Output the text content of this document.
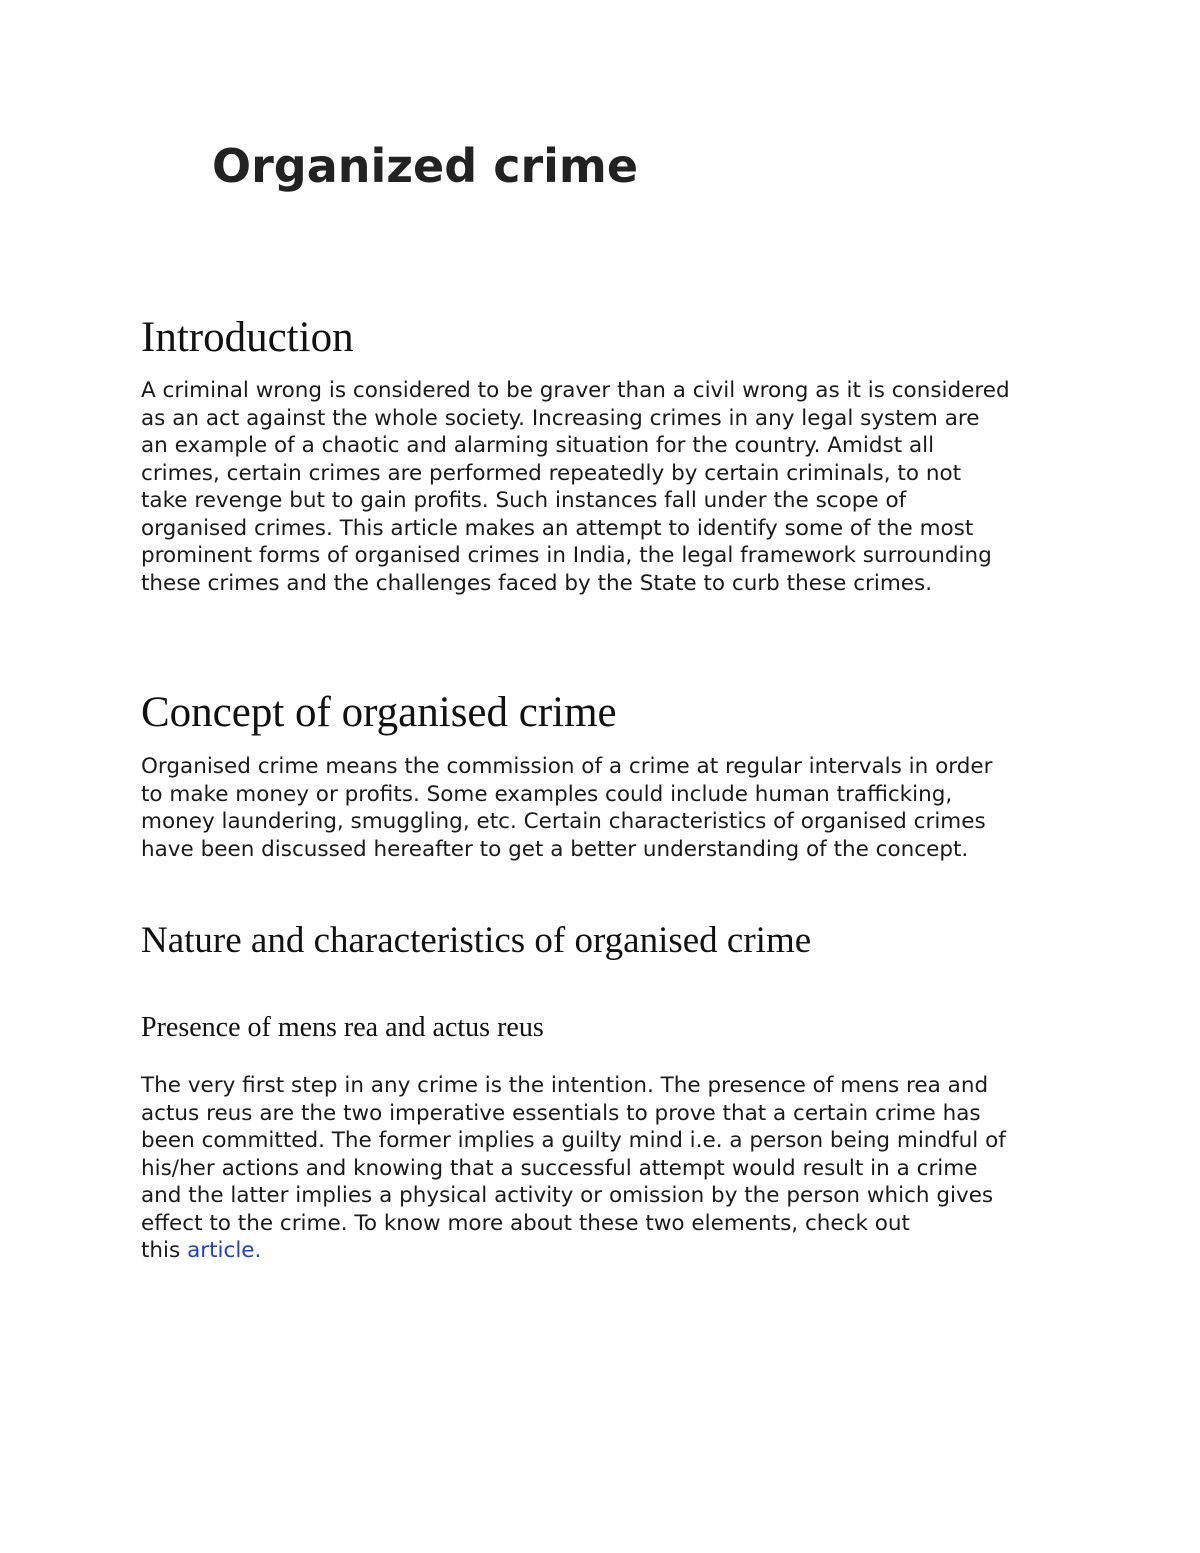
Organized crime
Introduction
A criminal wrong is considered to be graver than a civil wrong as it is considered
as an act against the whole society. Increasing crimes in any legal system are
an example of a chaotic and alarming situation for the country. Amidst all
crimes, certain crimes are performed repeatedly by certain criminals, to not
take revenge but to gain profits. Such instances fall under the scope of
organised crimes. This article makes an attempt to identify some of the most
prominent forms of organised crimes in India, the legal framework surrounding
these crimes and the challenges faced by the State to curb these crimes.
Concept of organised crime
Organised crime means the commission of a crime at regular intervals in order
to make money or profits. Some examples could include human trafficking,
money laundering, smuggling, etc. Certain characteristics of organised crimes
have been discussed hereafter to get a better understanding of the concept.
Nature and characteristics of organised crime
Presence of mens rea and actus reus
The very first step in any crime is the intention. The presence of mens rea and
actus reus are the two imperative essentials to prove that a certain crime has
been committed. The former implies a guilty mind i.e. a person being mindful of
his/her actions and knowing that a successful attempt would result in a crime
and the latter implies a physical activity or omission by the person which gives
effect to the crime. To know more about these two elements, check out
this article.
